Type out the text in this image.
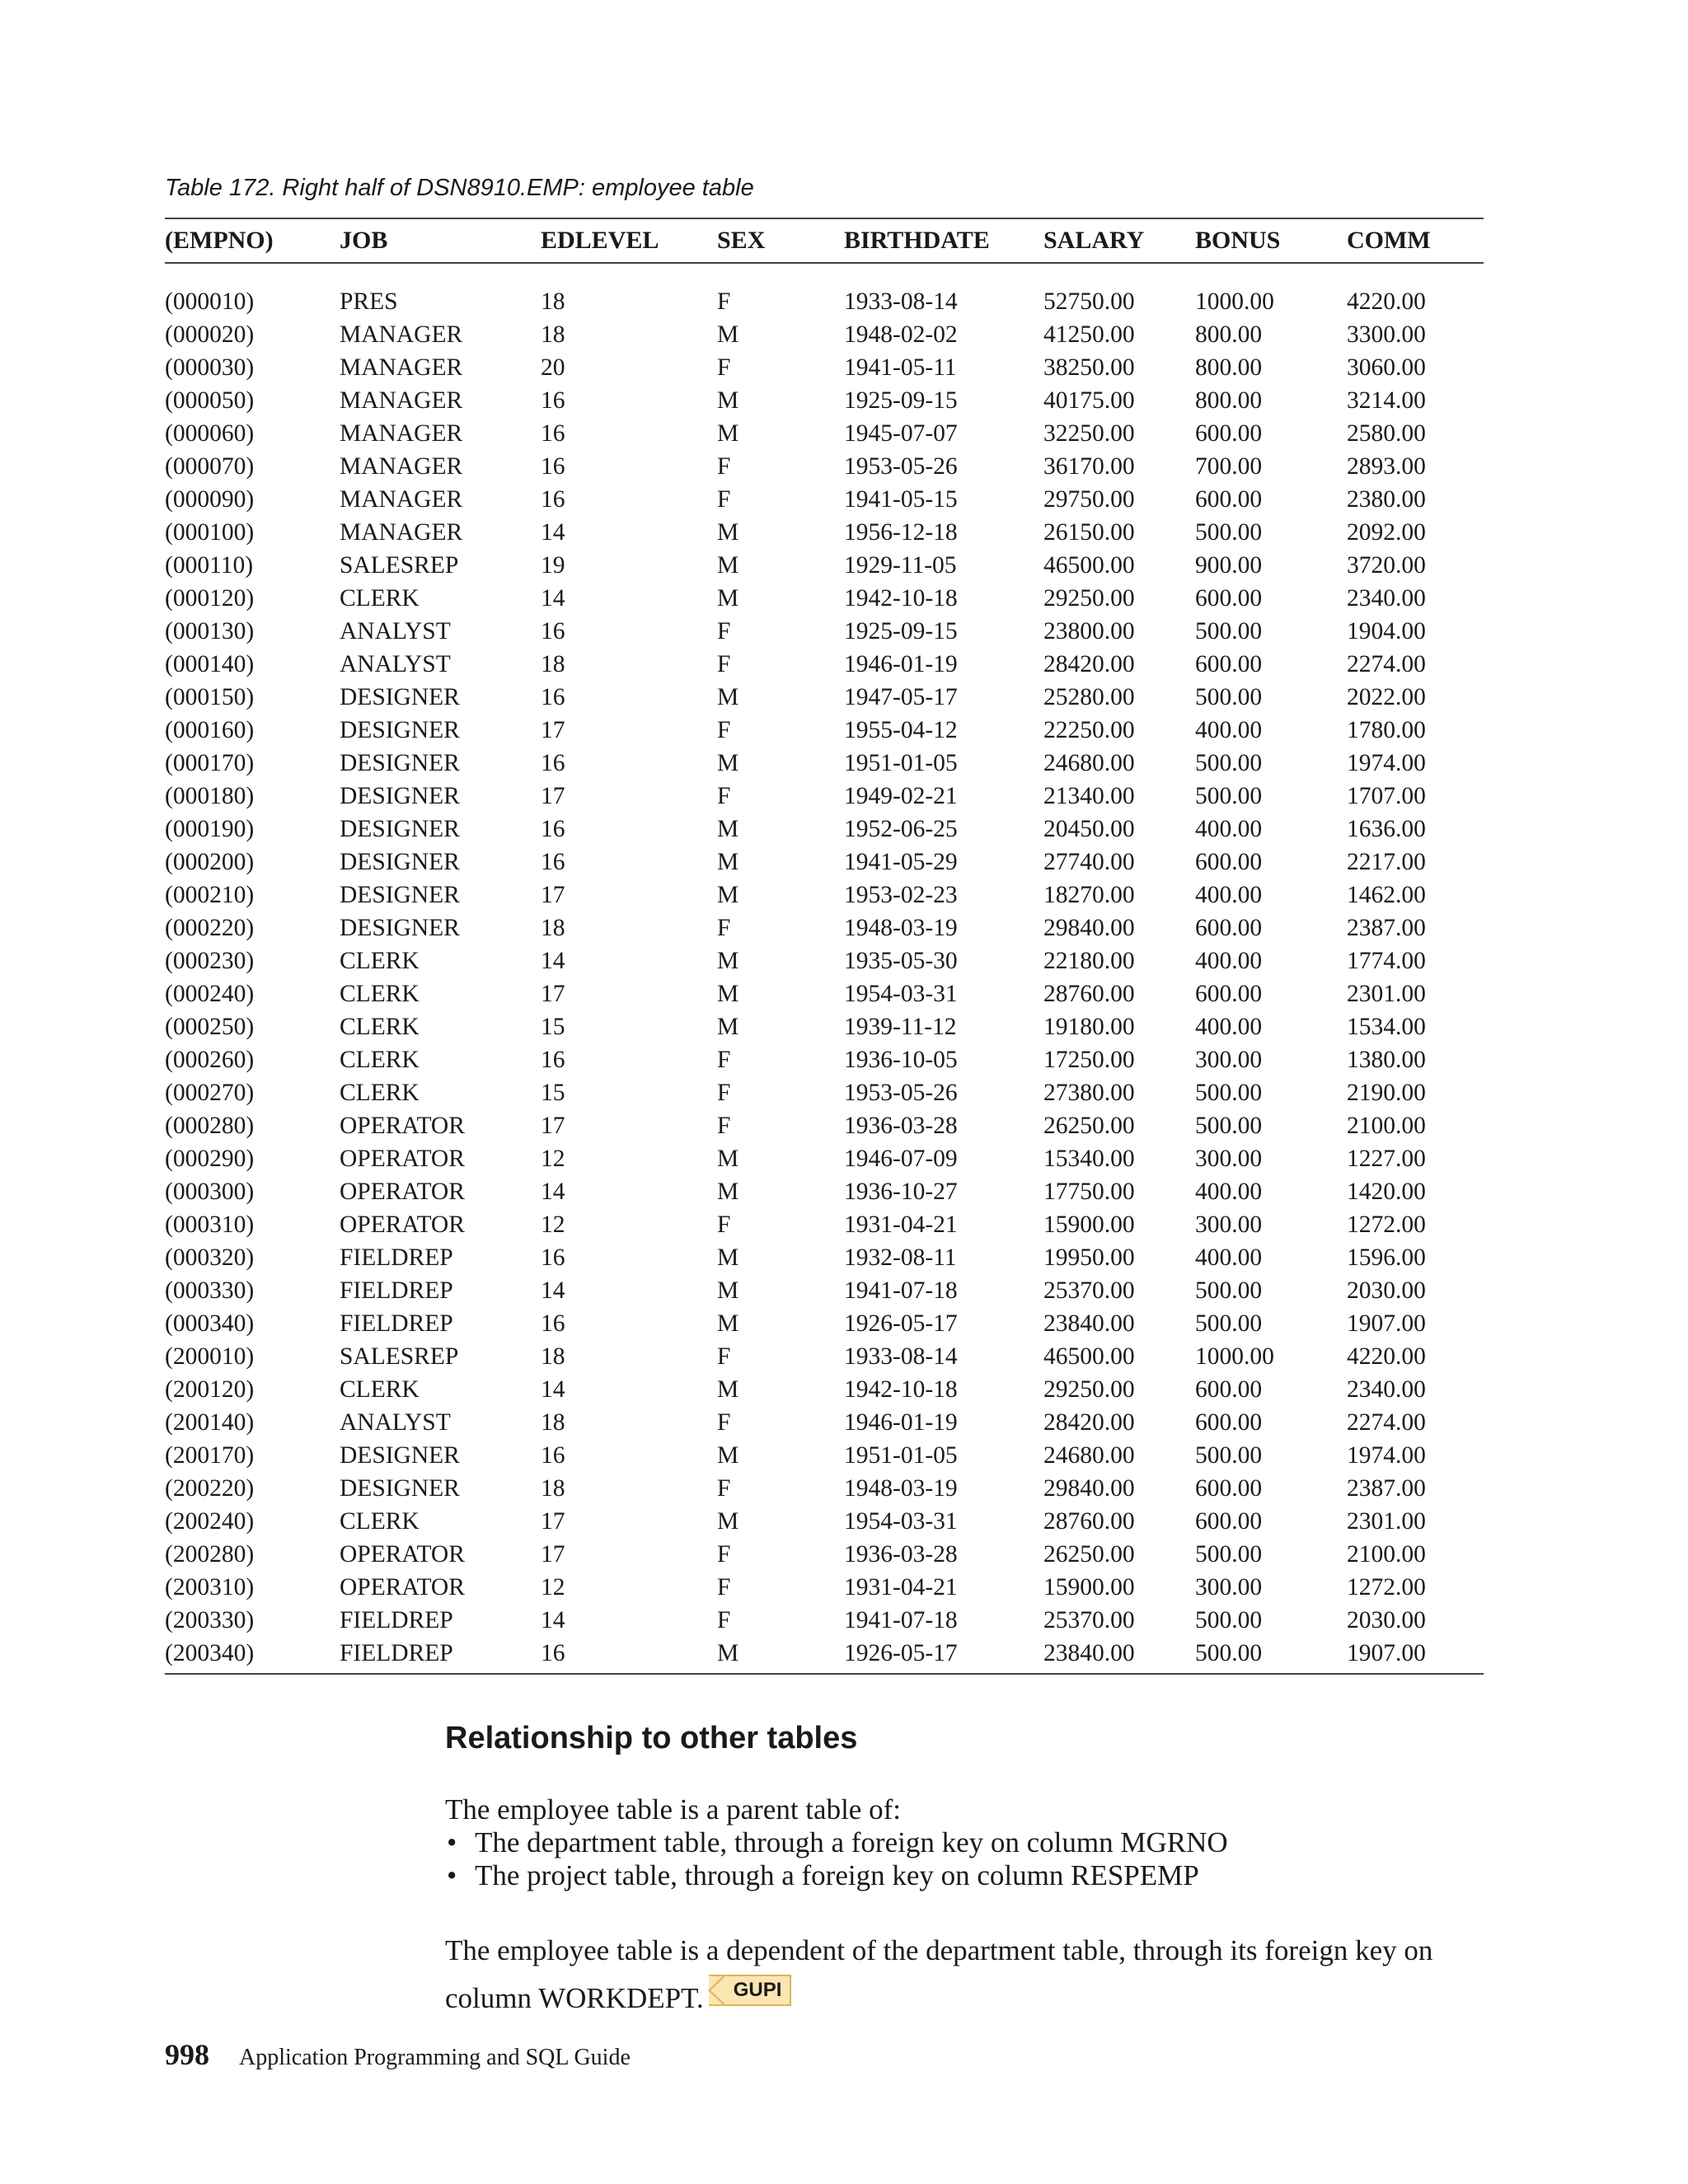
Table 172. Right half of DSN8910.EMP: employee table
(EMPNO)	JOB	EDLEVEL	SEX	BIRTHDATE	SALARY	BONUS	COMM

(000010)	PRES	18	F	1933-08-14	52750.00	1000.00	4220.00
(000020)	MANAGER	18	M	1948-02-02	41250.00	800.00	3300.00
(000030)	MANAGER	20	F	1941-05-11	38250.00	800.00	3060.00
(000050)	MANAGER	16	M	1925-09-15	40175.00	800.00	3214.00
(000060)	MANAGER	16	M	1945-07-07	32250.00	600.00	2580.00
(000070)	MANAGER	16	F	1953-05-26	36170.00	700.00	2893.00
(000090)	MANAGER	16	F	1941-05-15	29750.00	600.00	2380.00
(000100)	MANAGER	14	M	1956-12-18	26150.00	500.00	2092.00
(000110)	SALESREP	19	M	1929-11-05	46500.00	900.00	3720.00
(000120)	CLERK	14	M	1942-10-18	29250.00	600.00	2340.00
(000130)	ANALYST	16	F	1925-09-15	23800.00	500.00	1904.00
(000140)	ANALYST	18	F	1946-01-19	28420.00	600.00	2274.00
(000150)	DESIGNER	16	M	1947-05-17	25280.00	500.00	2022.00
(000160)	DESIGNER	17	F	1955-04-12	22250.00	400.00	1780.00
(000170)	DESIGNER	16	M	1951-01-05	24680.00	500.00	1974.00
(000180)	DESIGNER	17	F	1949-02-21	21340.00	500.00	1707.00
(000190)	DESIGNER	16	M	1952-06-25	20450.00	400.00	1636.00
(000200)	DESIGNER	16	M	1941-05-29	27740.00	600.00	2217.00
(000210)	DESIGNER	17	M	1953-02-23	18270.00	400.00	1462.00
(000220)	DESIGNER	18	F	1948-03-19	29840.00	600.00	2387.00
(000230)	CLERK	14	M	1935-05-30	22180.00	400.00	1774.00
(000240)	CLERK	17	M	1954-03-31	28760.00	600.00	2301.00
(000250)	CLERK	15	M	1939-11-12	19180.00	400.00	1534.00
(000260)	CLERK	16	F	1936-10-05	17250.00	300.00	1380.00
(000270)	CLERK	15	F	1953-05-26	27380.00	500.00	2190.00
(000280)	OPERATOR	17	F	1936-03-28	26250.00	500.00	2100.00
(000290)	OPERATOR	12	M	1946-07-09	15340.00	300.00	1227.00
(000300)	OPERATOR	14	M	1936-10-27	17750.00	400.00	1420.00
(000310)	OPERATOR	12	F	1931-04-21	15900.00	300.00	1272.00
(000320)	FIELDREP	16	M	1932-08-11	19950.00	400.00	1596.00
(000330)	FIELDREP	14	M	1941-07-18	25370.00	500.00	2030.00
(000340)	FIELDREP	16	M	1926-05-17	23840.00	500.00	1907.00
(200010)	SALESREP	18	F	1933-08-14	46500.00	1000.00	4220.00
(200120)	CLERK	14	M	1942-10-18	29250.00	600.00	2340.00
(200140)	ANALYST	18	F	1946-01-19	28420.00	600.00	2274.00
(200170)	DESIGNER	16	M	1951-01-05	24680.00	500.00	1974.00
(200220)	DESIGNER	18	F	1948-03-19	29840.00	600.00	2387.00
(200240)	CLERK	17	M	1954-03-31	28760.00	600.00	2301.00
(200280)	OPERATOR	17	F	1936-03-28	26250.00	500.00	2100.00
(200310)	OPERATOR	12	F	1931-04-21	15900.00	300.00	1272.00
(200330)	FIELDREP	14	F	1941-07-18	25370.00	500.00	2030.00
(200340)	FIELDREP	16	M	1926-05-17	23840.00	500.00	1907.00
Relationship to other tables
The employee table is a parent table of:
• The department table, through a foreign key on column MGRNO
• The project table, through a foreign key on column RESPEMP
The employee table is a dependent of the department table, through its foreign key on column WORKDEPT. GUPI
998 Application Programming and SQL Guide
